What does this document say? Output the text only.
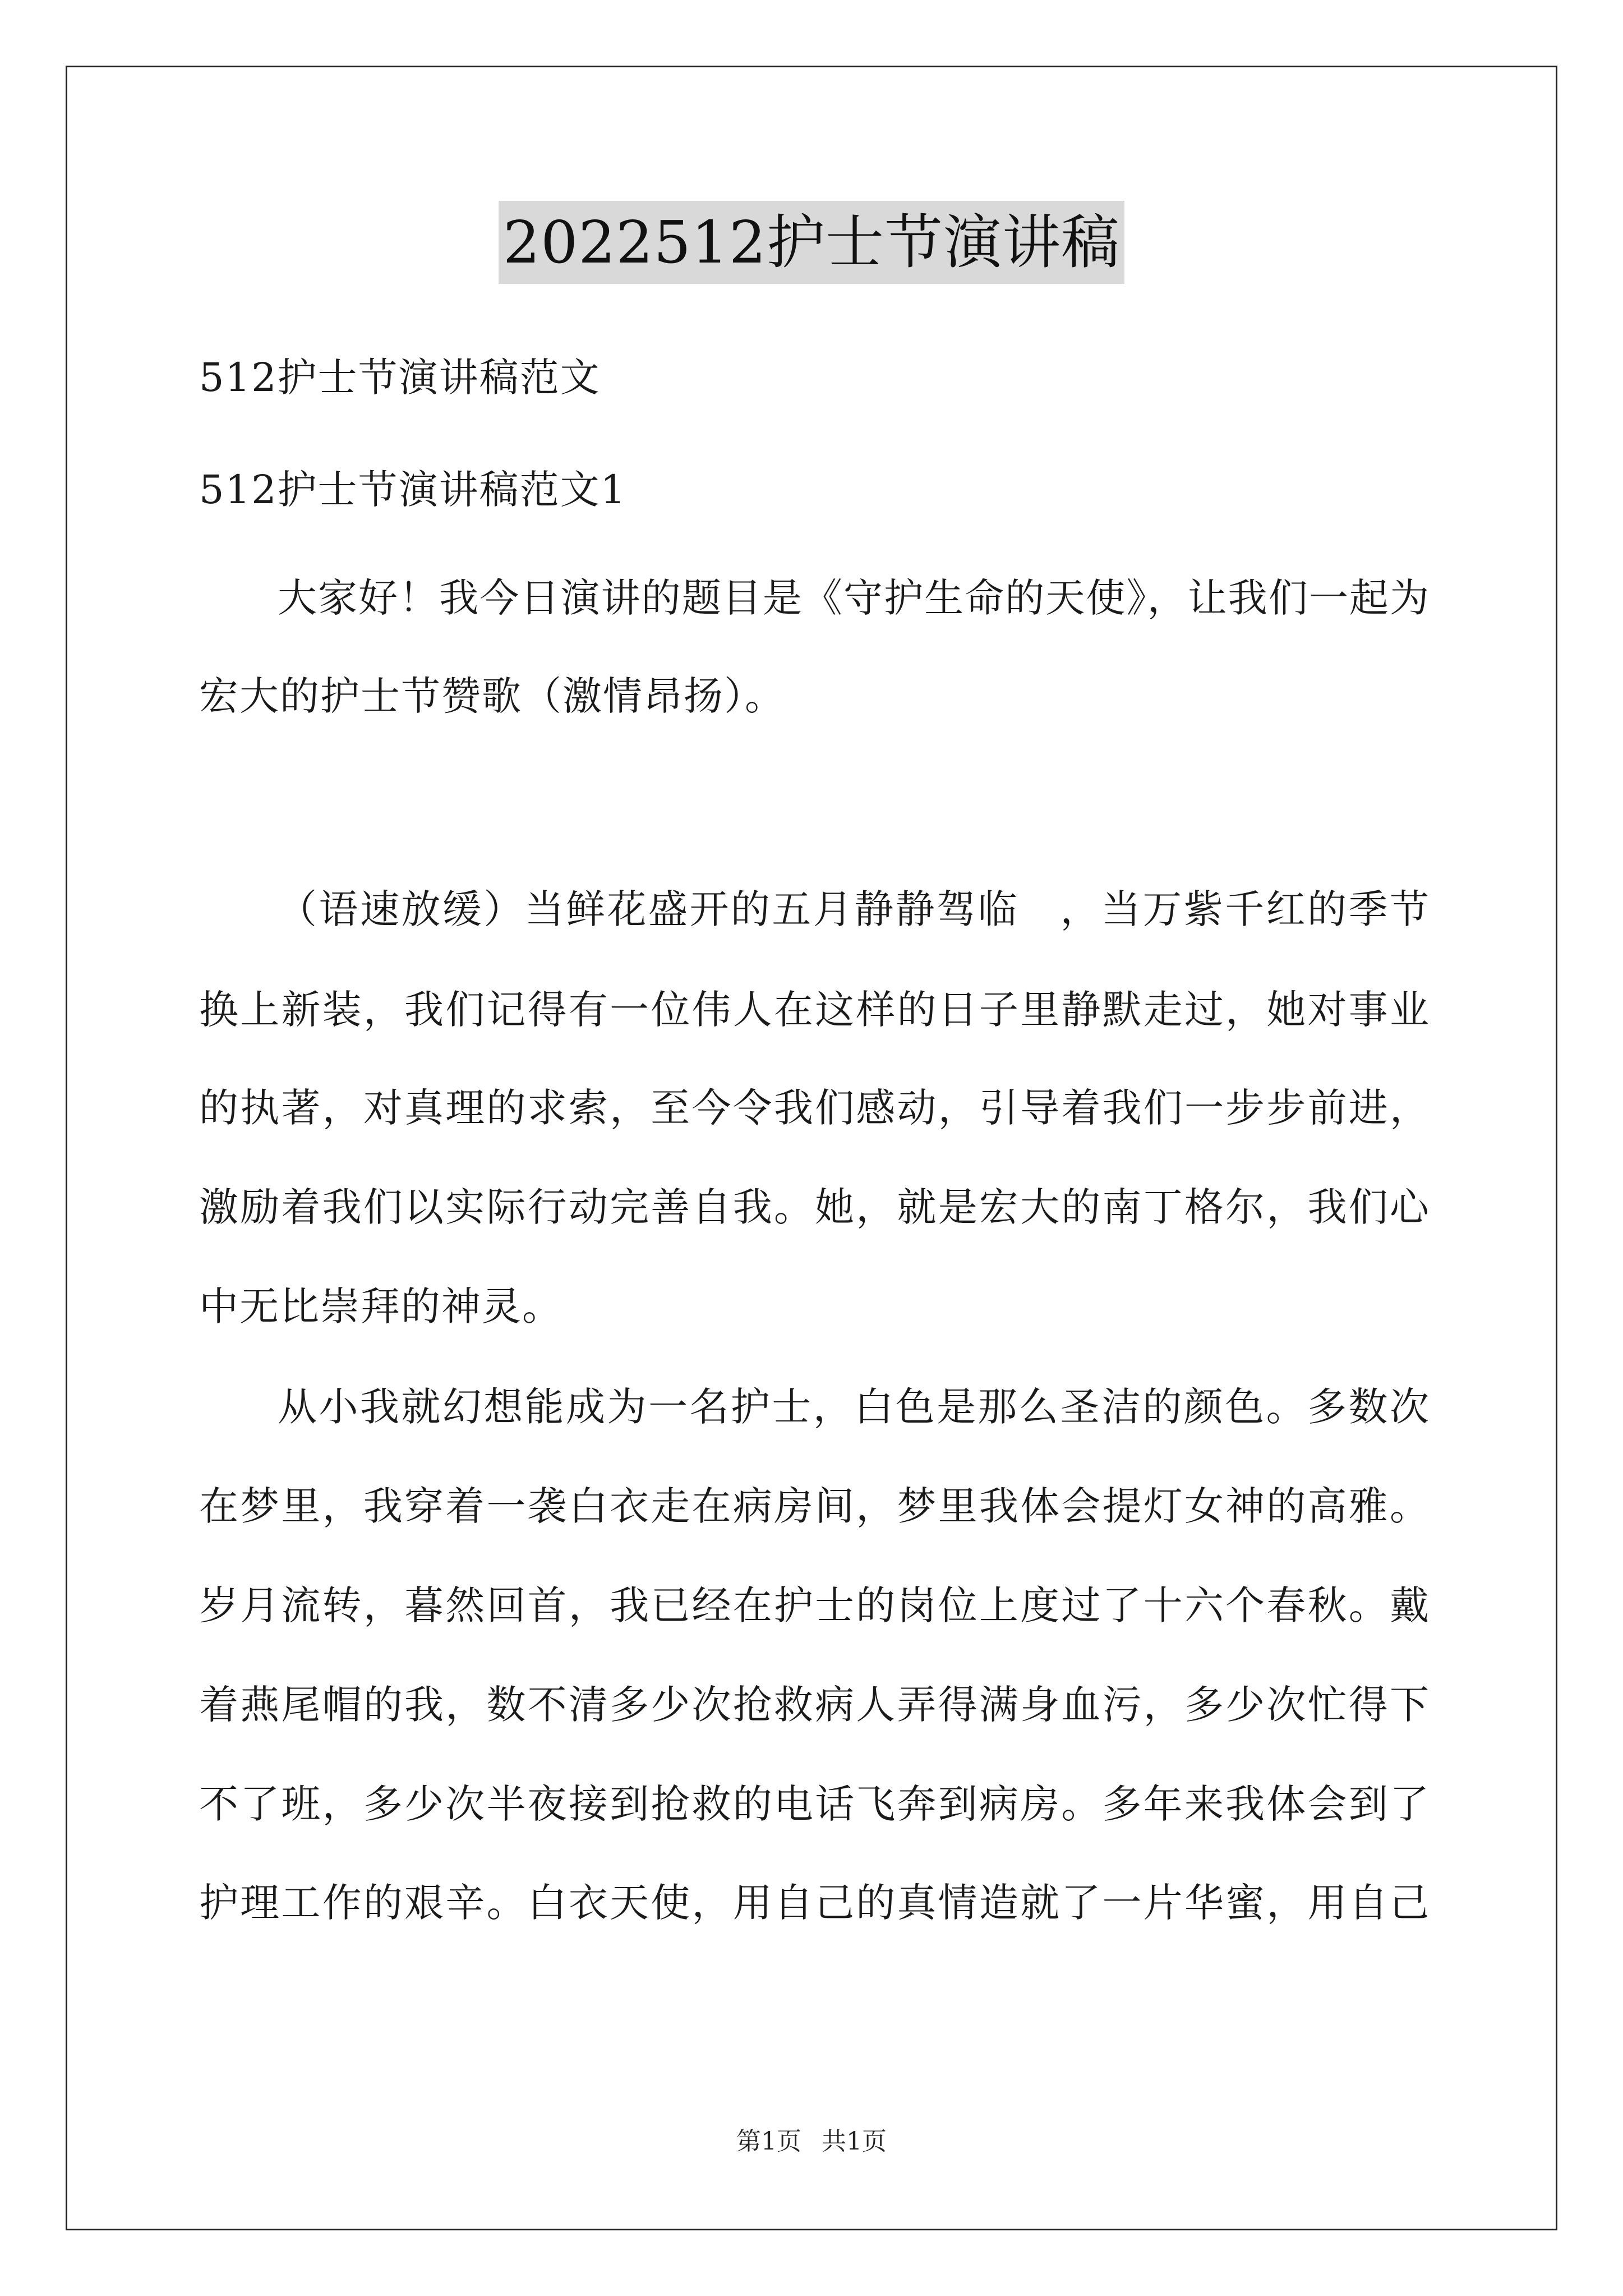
2022512护士节演讲稿
512护士节演讲稿范文
512护士节演讲稿范文1
大家好！我今日演讲的题目是《守护生命的天使》，让我们一起为
宏大的护士节赞歌（激情昂扬）。
（语速放缓）当鲜花盛开的五月静静驾临　，当万紫千红的季节
换上新装，我们记得有一位伟人在这样的日子里静默走过，她对事业
的执著，对真理的求索，至今令我们感动，引导着我们一步步前进，
激励着我们以实际行动完善自我。她，就是宏大的南丁格尔，我们心
中无比崇拜的神灵。
从小我就幻想能成为一名护士，白色是那么圣洁的颜色。多数次
在梦里，我穿着一袭白衣走在病房间，梦里我体会提灯女神的高雅。
岁月流转，暮然回首，我已经在护士的岗位上度过了十六个春秋。戴
着燕尾帽的我，数不清多少次抢救病人弄得满身血污，多少次忙得下
不了班，多少次半夜接到抢救的电话飞奔到病房。多年来我体会到了
护理工作的艰辛。白衣天使，用自己的真情造就了一片华蜜，用自己
第1页 共1页
